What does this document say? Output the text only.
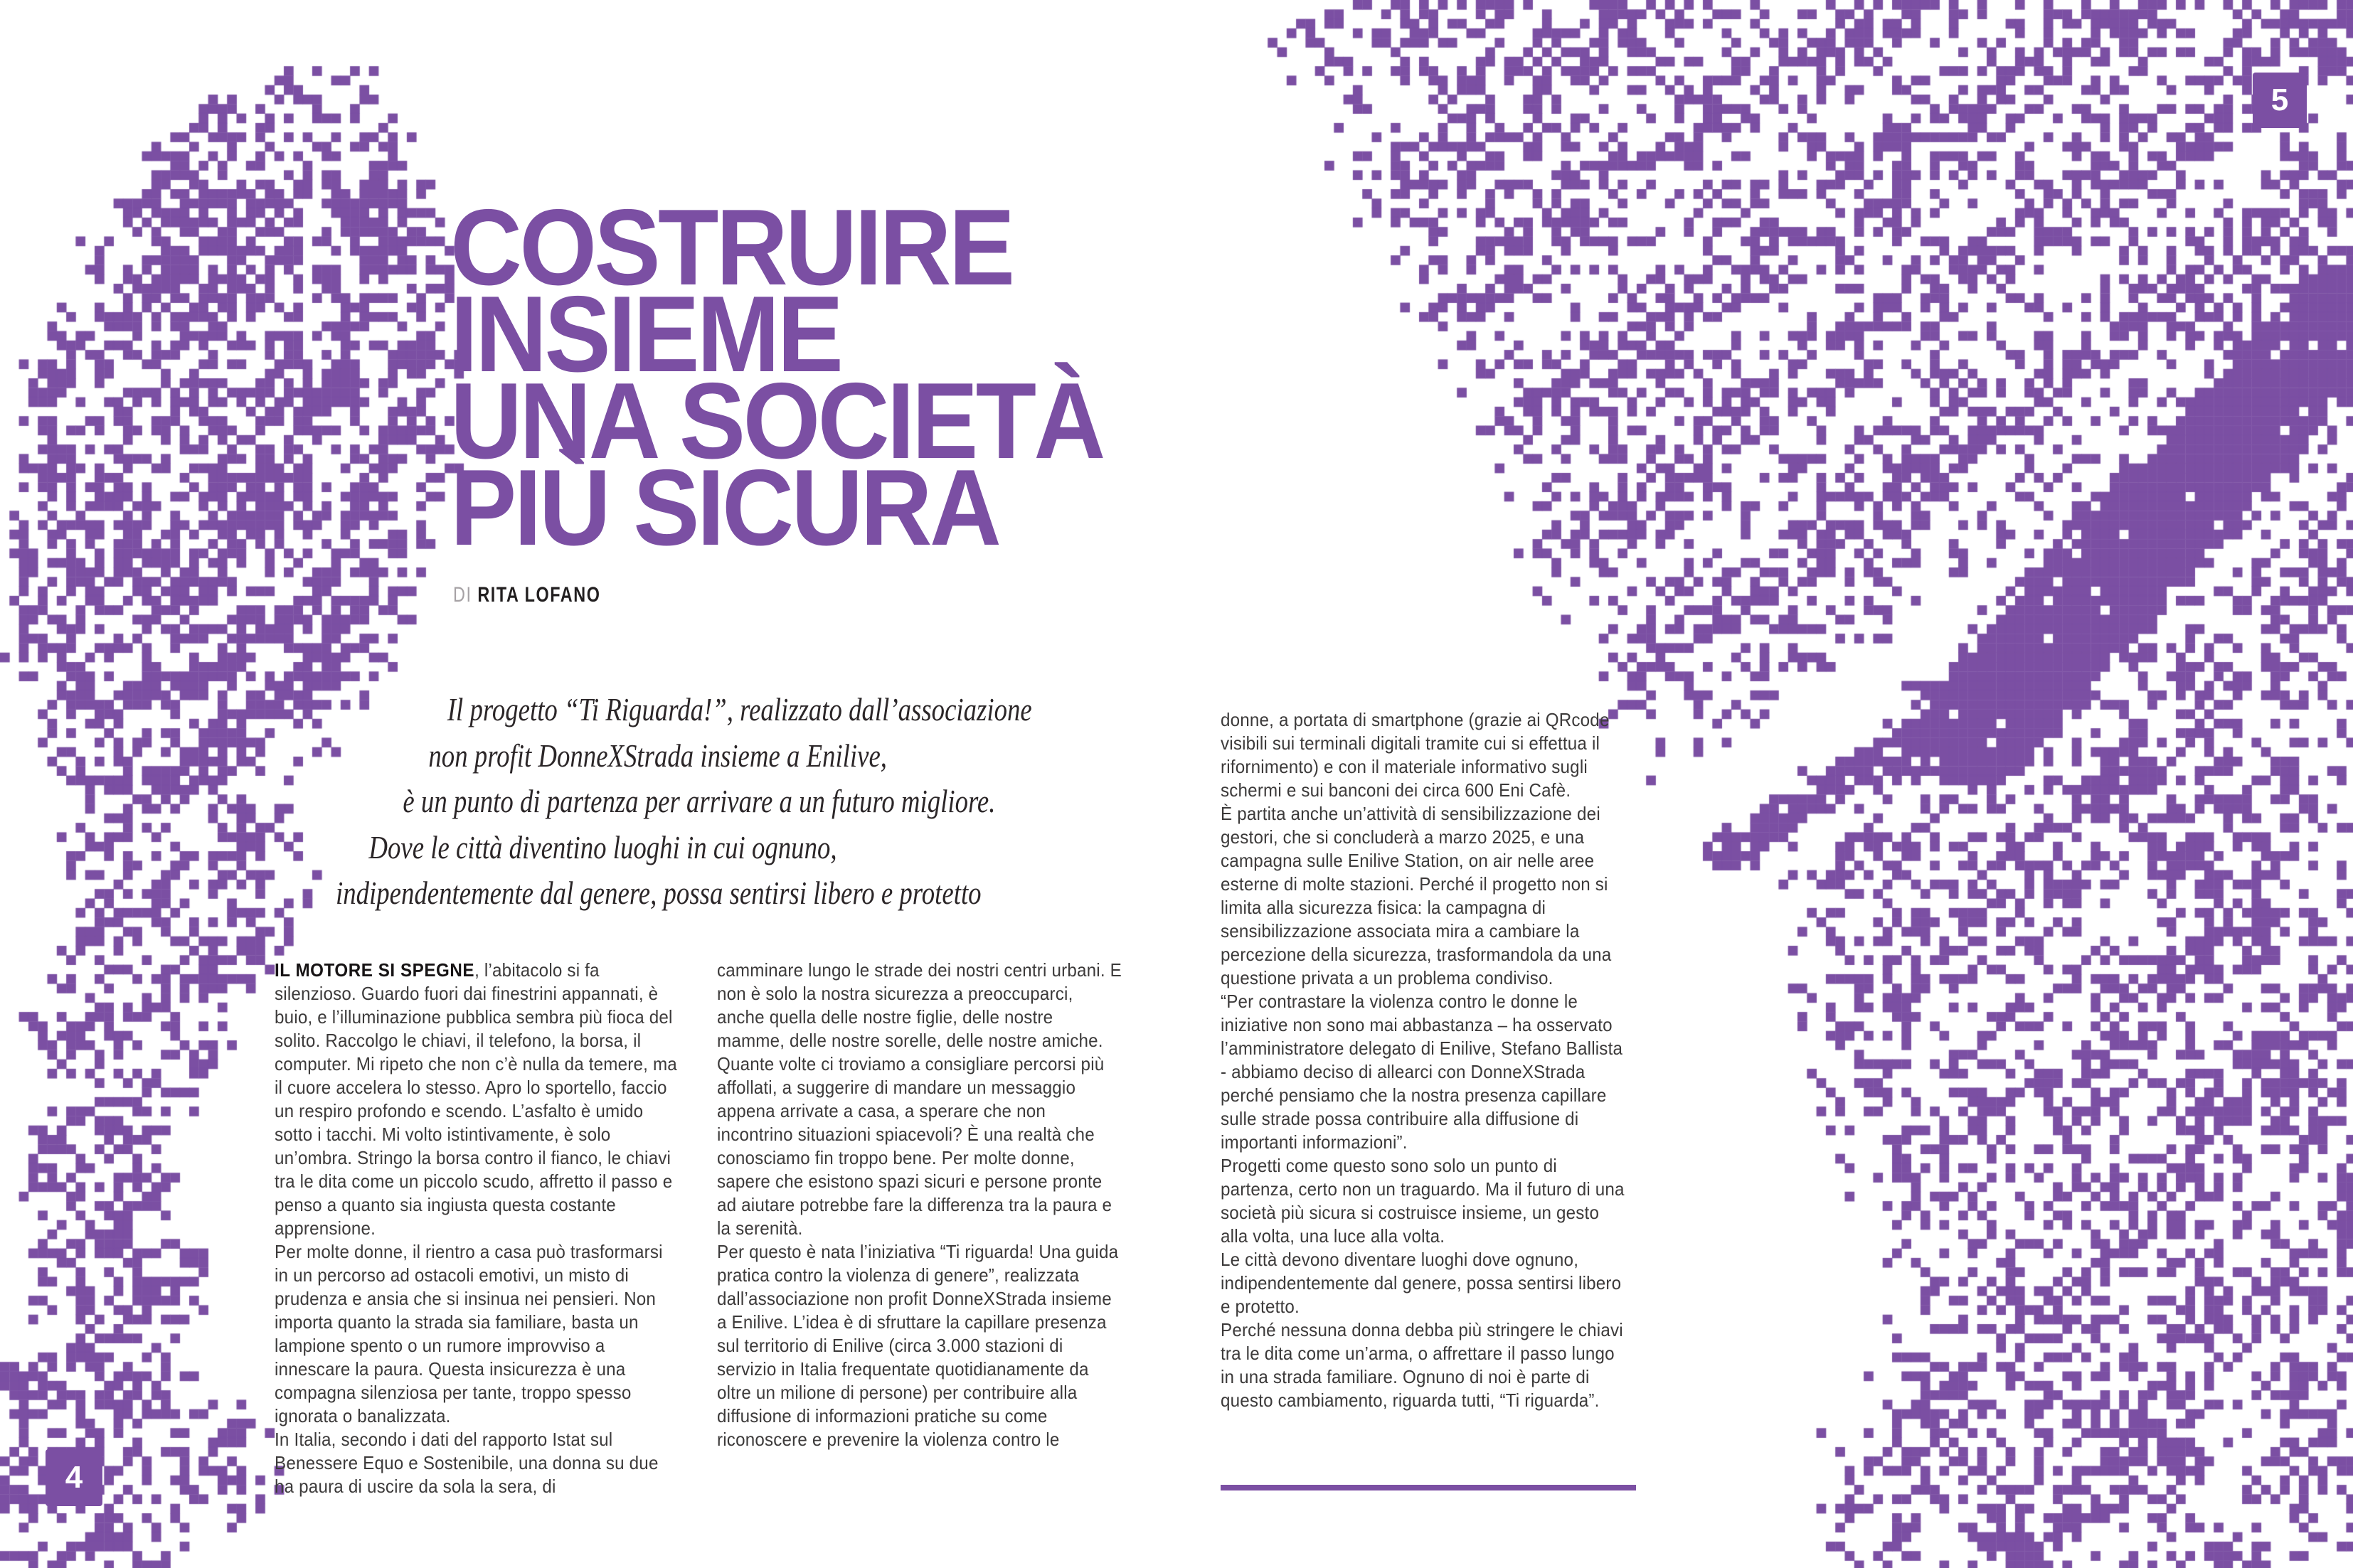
COSTRUIRE
INSIEME
UNA SOCIETÀ
PIÙ SICURA
DI RITA LOFANO
Il progetto “Ti Riguarda!”, realizzato dall’associazione
non profit DonneXStrada insieme a Enilive,
è un punto di partenza per arrivare a un futuro migliore.
Dove le città diventino luoghi in cui ognuno,
indipendentemente dal genere, possa sentirsi libero e protetto

IL MOTORE SI SPEGNE, l’abitacolo si fa silenzioso. Guardo fuori dai finestrini appannati, è buio, e l’illuminazione pubblica sembra più fioca del solito. Raccolgo le chiavi, il telefono, la borsa, il computer. Mi ripeto che non c’è nulla da temere, ma il cuore accelera lo stesso. Apro lo sportello, faccio un respiro profondo e scendo. L’asfalto è umido sotto i tacchi. Mi volto istintivamente, è solo un’ombra. Stringo la borsa contro il fianco, le chiavi tra le dita come un piccolo scudo, affretto il passo e penso a quanto sia ingiusta questa costante apprensione.

Per molte donne, il rientro a casa può trasformarsi in un percorso ad ostacoli emotivi, un misto di prudenza e ansia che si insinua nei pensieri. Non importa quanto la strada sia familiare, basta un lampione spento o un rumore improvviso a innescare la paura. Questa insicurezza è una compagna silenziosa per tante, troppo spesso ignorata o banalizzata.

In Italia, secondo i dati del rapporto Istat sul Benessere Equo e Sostenibile, una donna su due ha paura di uscire da sola la sera, di

camminare lungo le strade dei nostri centri urbani. E non è solo la nostra sicurezza a preoccuparci, anche quella delle nostre figlie, delle nostre mamme, delle nostre sorelle, delle nostre amiche. Quante volte ci troviamo a consigliare percorsi più affollati, a suggerire di mandare un messaggio appena arrivate a casa, a sperare che non incontrino situazioni spiacevoli? È una realtà che conosciamo fin troppo bene. Per molte donne, sapere che esistono spazi sicuri e persone pronte ad aiutare potrebbe fare la differenza tra la paura e la serenità.

Per questo è nata l’iniziativa “Ti riguarda! Una guida pratica contro la violenza di genere”, realizzata dall’associazione non profit DonneXStrada insieme a Enilive. L’idea è di sfruttare la capillare presenza sul territorio di Enilive (circa 3.000 stazioni di servizio in Italia frequentate quotidianamente da oltre un milione di persone) per contribuire alla diffusione di informazioni pratiche su come riconoscere e prevenire la violenza contro le

donne, a portata di smartphone (grazie ai QRcode visibili sui terminali digitali tramite cui si effettua il rifornimento) e con il materiale informativo sugli schermi e sui banconi dei circa 600 Eni Cafè.

È partita anche un’attività di sensibilizzazione dei gestori, che si concluderà a marzo 2025, e una campagna sulle Enilive Station, on air nelle aree esterne di molte stazioni. Perché il progetto non si limita alla sicurezza fisica: la campagna di sensibilizzazione associata mira a cambiare la percezione della sicurezza, trasformandola da una questione privata a un problema condiviso.

“Per contrastare la violenza contro le donne le iniziative non sono mai abbastanza – ha osservato l’amministratore delegato di Enilive, Stefano Ballista - abbiamo deciso di allearci con DonneXStrada perché pensiamo che la nostra presenza capillare sulle strade possa contribuire alla diffusione di importanti informazioni”.

Progetti come questo sono solo un punto di partenza, certo non un traguardo. Ma il futuro di una società più sicura si costruisce insieme, un gesto alla volta, una luce alla volta.

Le città devono diventare luoghi dove ognuno, indipendentemente dal genere, possa sentirsi libero e protetto.

Perché nessuna donna debba più stringere le chiavi tra le dita come un’arma, o affrettare il passo lungo in una strada familiare. Ognuno di noi è parte di questo cambiamento, riguarda tutti, “Ti riguarda”.

4
5
